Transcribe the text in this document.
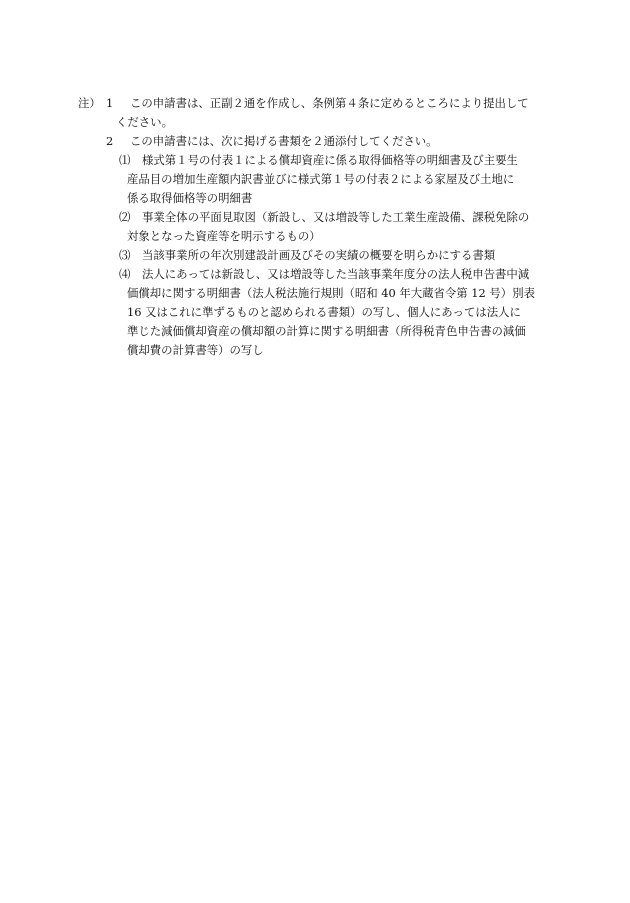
注） 1 この申請書は、正副２通を作成し、条例第４条に定めるところにより提出して
ください。
2 この申請書には、次に掲げる書類を２通添付してください。
⑴ 様式第１号の付表１による償却資産に係る取得価格等の明細書及び主要生
産品目の増加生産額内訳書並びに様式第１号の付表２による家屋及び土地に
係る取得価格等の明細書
⑵ 事業全体の平面見取図（新設し、又は増設等した工業生産設備、課税免除の
対象となった資産等を明示するもの）
⑶ 当該事業所の年次別建設計画及びその実績の概要を明らかにする書類
⑷ 法人にあっては新設し、又は増設等した当該事業年度分の法人税申告書中減
価償却に関する明細書（法人税法施行規則（昭和 40 年大蔵省令第 12 号）別表
16 又はこれに準ずるものと認められる書類）の写し、個人にあっては法人に
準じた減価償却資産の償却額の計算に関する明細書（所得税青色申告書の減価
償却費の計算書等）の写し
